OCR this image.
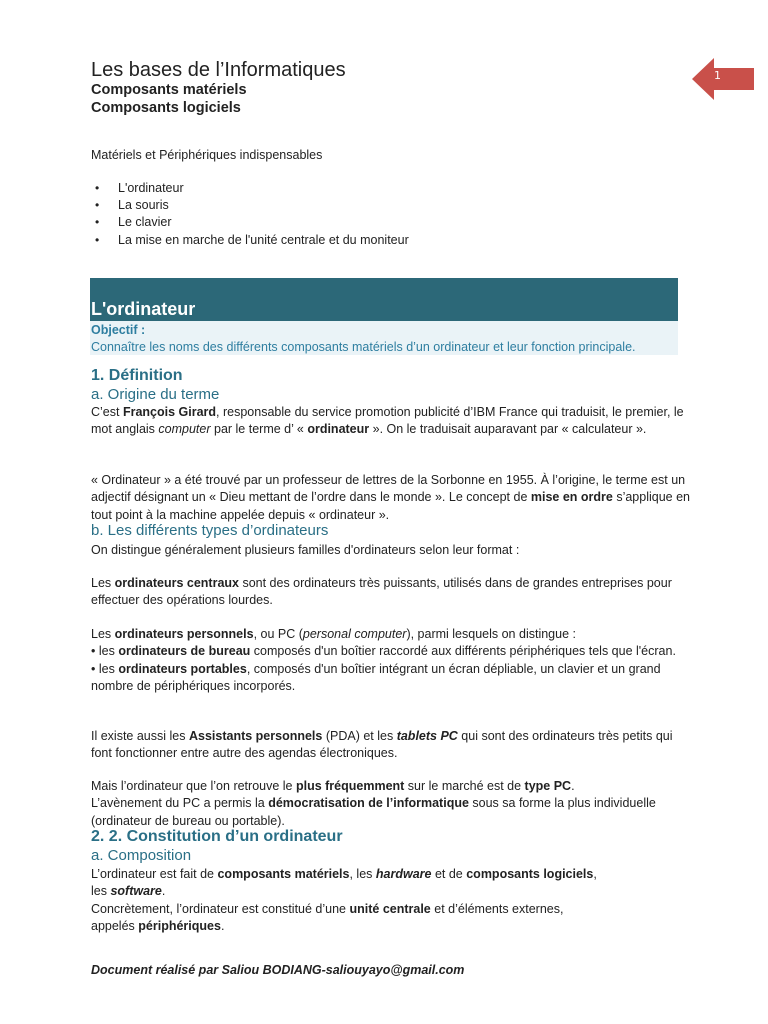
Les bases de l’Informatiques
Composants matériels
Composants logiciels
1
Matériels et Périphériques indispensables
• L'ordinateur
• La souris
• Le clavier
• La mise en marche de l'unité centrale et du moniteur
L'ordinateur
Objectif :
Connaître les noms des différents composants matériels d’un ordinateur et leur fonction principale.
1. Définition
a. Origine du terme
C’est François Girard, responsable du service promotion publicité d’IBM France qui traduisit, le premier, le mot anglais computer par le terme d’ « ordinateur ». On le traduisait auparavant par « calculateur ».
« Ordinateur » a été trouvé par un professeur de lettres de la Sorbonne en 1955. À l’origine, le terme est un adjectif désignant un « Dieu mettant de l’ordre dans le monde ». Le concept de mise en ordre s’applique en tout point à la machine appelée depuis « ordinateur ».
b. Les différents types d’ordinateurs
On distingue généralement plusieurs familles d'ordinateurs selon leur format :
Les ordinateurs centraux sont des ordinateurs très puissants, utilisés dans de grandes entreprises pour effectuer des opérations lourdes.
Les ordinateurs personnels, ou PC (personal computer), parmi lesquels on distingue :
• les ordinateurs de bureau composés d'un boîtier raccordé aux différents périphériques tels que l'écran.
• les ordinateurs portables, composés d'un boîtier intégrant un écran dépliable, un clavier et un grand nombre de périphériques incorporés.
Il existe aussi les Assistants personnels (PDA) et les tablets PC qui sont des ordinateurs très petits qui font fonctionner entre autre des agendas électroniques.
Mais l’ordinateur que l’on retrouve le plus fréquemment sur le marché est de type PC.
L’avènement du PC a permis la démocratisation de l’informatique sous sa forme la plus individuelle (ordinateur de bureau ou portable).
2. 2. Constitution d’un ordinateur
a. Composition
L’ordinateur est fait de composants matériels, les hardware et de composants logiciels,
les software.
Concrètement, l’ordinateur est constitué d’une unité centrale et d’éléments externes,
appelés périphériques.
Document réalisé par Saliou BODIANG-saliouyayo@gmail.com
